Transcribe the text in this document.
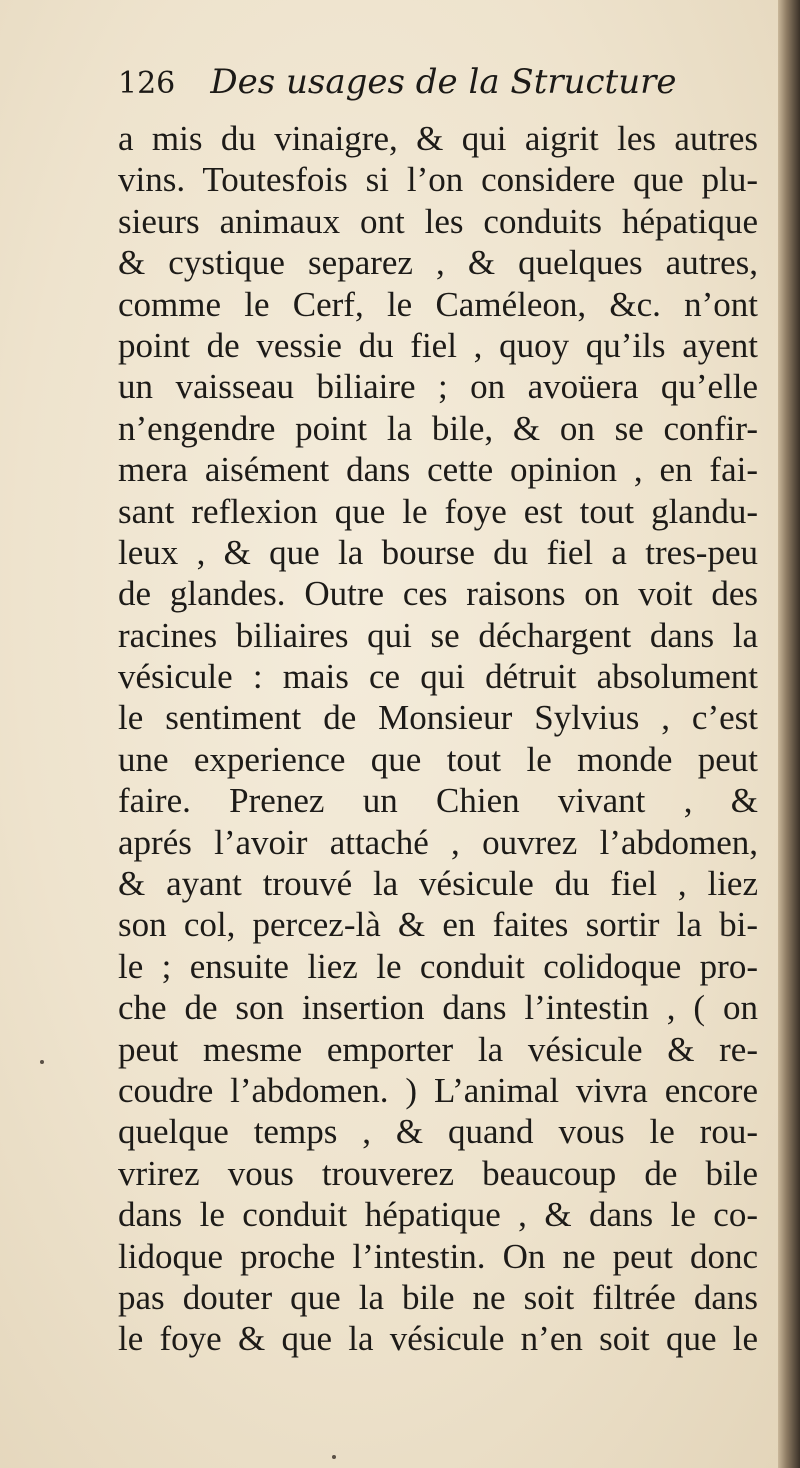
126 Des usages de la Structure
a mis du vinaigre, & qui aigrit les autres
vins. Toutesfois si l’on considere que plu-
sieurs animaux ont les conduits hépatique
& cystique separez , & quelques autres,
comme le Cerf, le Caméleon, &c. n’ont
point de vessie du fiel , quoy qu’ils ayent
un vaisseau biliaire ; on avoüera qu’elle
n’engendre point la bile, & on se confir-
mera aisément dans cette opinion , en fai-
sant reflexion que le foye est tout glandu-
leux , & que la bourse du fiel a tres-peu
de glandes. Outre ces raisons on voit des
racines biliaires qui se déchargent dans la
vésicule : mais ce qui détruit absolument
le sentiment de Monsieur Sylvius , c’est
une experience que tout le monde peut
faire. Prenez un Chien vivant , &
aprés l’avoir attaché , ouvrez l’abdomen,
& ayant trouvé la vésicule du fiel , liez
son col, percez-là & en faites sortir la bi-
le ; ensuite liez le conduit colidoque pro-
che de son insertion dans l’intestin , ( on
peut mesme emporter la vésicule & re-
coudre l’abdomen. ) L’animal vivra encore
quelque temps , & quand vous le rou-
vrirez vous trouverez beaucoup de bile
dans le conduit hépatique , & dans le co-
lidoque proche l’intestin. On ne peut donc
pas douter que la bile ne soit filtrée dans
le foye & que la vésicule n’en soit que le
